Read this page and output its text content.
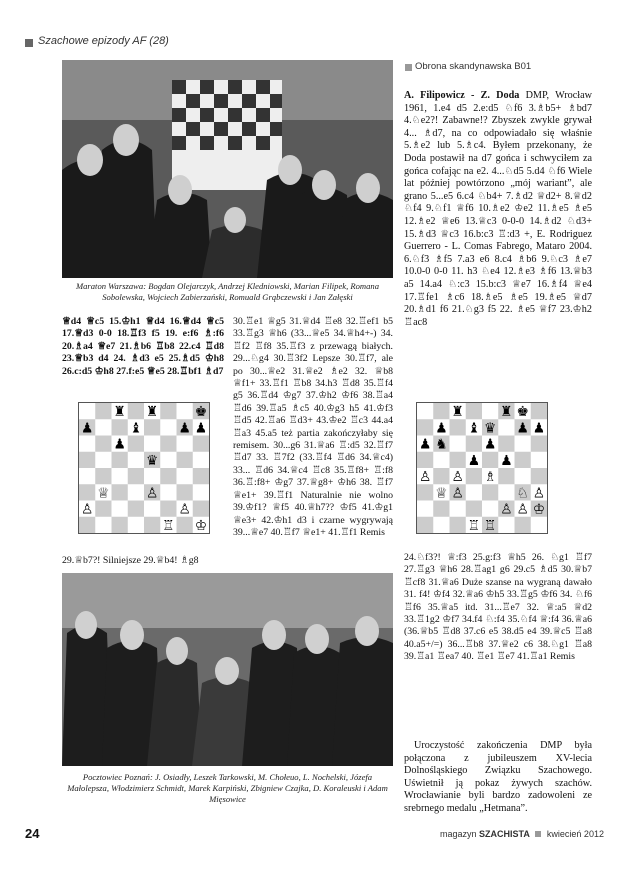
Szachowe epizody AF (28)
Maraton Warszawa: Bogdan Olejarczyk, Andrzej Kledniowski, Marian Filipek, Romana Sobolewska, Wojciech Zabierzański, Romuald Grąbczewski i Jan Załęski
Obrona skandynawska B01
A. Filipowicz - Z. Doda DMP, Wrocław 1961, 1.e4 d5 2.e:d5 ♘f6 3.♗b5+ ♗bd7 4.♘e2?! Zabawne!? Zbyszek zwykle grywał 4... ♗d7, na co odpowiadało się właśnie 5.♗e2 lub 5.♗c4. Byłem przekonany, że Doda postawił na d7 gońca i schwyciłem za gońca cofając na e2. 4...♘d5 5.d4 ♘f6 Wiele lat później powtórzono „mój wariant”, ale grano 5...e5 6.c4 ♘b4+ 7.♗d2 ♕d2+ 8.♕d2 ♘f4 9.♘f1 ♕f6 10.♗e2 ♔e2 11.♗e5 ♗e5 12.♗e2 ♕e6 13.♕c3 0-0-0 14.♗d2 ♘d3+ 15.♗d3 ♕c3 16.b:c3 ♖:d3 +, E. Rodriguez Guerrero - L. Comas Fabrego, Mataro 2004. 6.♘f3 ♗f5 7.a3 e6 8.c4 ♗b6 9.♘c3 ♗e7 10.0-0 0-0 11. h3 ♘e4 12.♗e3 ♗f6 13.♕b3 a5 14.a4 ♘:c3 15.b:c3 ♕e7 16.♗f4 ♕e4 17.♖fe1 ♗c6 18.♗e5 ♗e5 19.♗e5 ♕d7 20.♗d1 f6 21.♘g3 f5 22. ♗e5 ♕f7 23.♔h2 ♖ac8
♕d4 ♕c5 15.♔h1 ♕d4 16.♕d4 ♕c5 17.♕d3 0-0 18.♖f3 f5 19. e:f6 ♗:f6 20.♗a4 ♕e7 21.♗b6 ♖b8 22.c4 ♖d8 23.♕b3 d4 24. ♗d3 e5 25.♗d5 ♔h8 26.c:d5 ♔h8 27.f:e5 ♕e5 28.♖bf1 ♗d7
29.♕b7?! Silniejsze 29.♕b4! ♗g8
30.♖e1 ♕g5 31.♕d4 ♖e8 32.♖ef1 b5 33.♖g3 ♕h6 (33...♕e5 34.♕h4+-) 34. ♖f2 ♖f8 35.♖f3 z przewagą białych. 29...♘g4 30.♖3f2 Lepsze 30.♖f7, ale po 30...♕e2 31.♕e2 ♗e2 32. ♕b8 ♕f1+ 33.♖f1 ♖b8 34.h3 ♖d8 35.♖f4 g5 36.♖d4 ♔g7 37.♔h2 ♔f6 38.♖a4 ♖d6 39.♖a5 ♗c5 40.♔g3 h5 41.♔f3 ♖d5 42.♖a6 ♖d3+ 43.♔e2 ♖c3 44.a4 ♖a3 45.a5 też partia zakończyłaby się remisem. 30...g6 31.♕a6 ♖:d5 32.♖f7 ♖d7 33. ♖7f2 (33.♖f4 ♖d6 34.♕c4) 33... ♖d6 34.♕c4 ♖c8 35.♖f8+ ♖:f8 36.♖:f8+ ♔g7 37.♕g8+ ♔h6 38. ♖f7 ♕e1+ 39.♖f1 Naturalnie nie wolno 39.♔f1? ♕f5 40.♕h7?? ♔f5 41.♔g1 ♕e3+ 42.♔h1 d3 i czarne wygrywają 39...♕e7 40.♖f7 ♕e1+ 41.♖f1 Remis
24.♘f3?! ♕:f3 25.g:f3 ♕h5 26. ♘g1 ♖f7 27.♖g3 ♕h6 28.♖ag1 g6 29.c5 ♗d5 30.♕b7 ♖cf8 31.♕a6 Duże szanse na wygraną dawało 31. f4! ♔f4 32.♕a6 ♔h5 33.♖g5 ♔f6 34. ♘f6 ♖f6 35.♕a5 itd. 31...♖e7 32. ♕:a5 ♕d2 33.♖1g2 ♔f7 34.f4 ♘:f4 35.♘f4 ♕:f4 36.♕a6 (36.♕b5 ♖d8 37.c6 e5 38.d5 e4 39.♕c5 ♖a8 40.a5+/=) 36...♖b8 37.♕e2 c6 38.♘g1 ♖a8 39.♖a1 ♖ea7 40. ♖e1 ♖e7 41.♖a1 Remis
Pocztowiec Poznań: J. Osiadły, Leszek Tarkowski, M. Chołeuo, L. Nochelski, Józefa Małolepsza, Włodzimierz Schmidt, Marek Karpiński, Zbigniew Czajka, D. Koraleuski i Adam Mięsowice
Uroczystość zakończenia DMP była połączona z jubileuszem XV-lecia Dolnośląskiego Związku Szachowego. Uświetnił ją pokaz żywych szachów. Wrocławianie byli bardzo zadowoleni ze srebrnego medalu „Hetmana”.
24	magazyn SZACHISTA kwiecień 2012
